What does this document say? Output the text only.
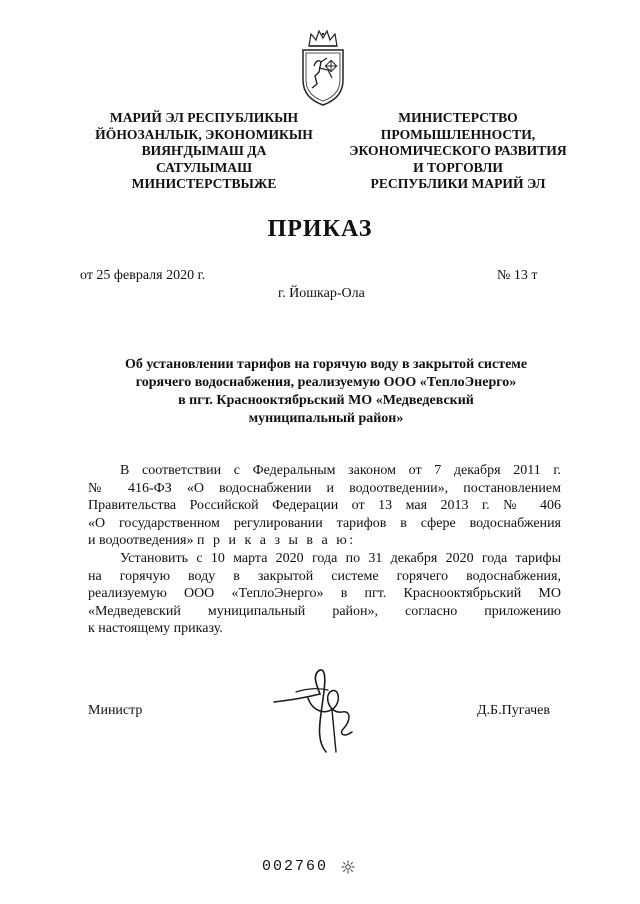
МАРИЙ ЭЛ РЕСПУБЛИКЫН
ЙӦНОЗАНЛЫК, ЭКОНОМИКЫН
ВИЯҤДЫМАШ ДА
САТУЛЫМАШ
МИНИСТЕРСТВЫЖЕ
МИНИСТЕРСТВО
ПРОМЫШЛЕННОСТИ,
ЭКОНОМИЧЕСКОГО РАЗВИТИЯ
И ТОРГОВЛИ
РЕСПУБЛИКИ МАРИЙ ЭЛ
ПРИКАЗ
от 25 февраля 2020 г.	№ 13 т
г. Йошкар-Ола
Об установлении тарифов на горячую воду в закрытой системе
горячего водоснабжения, реализуемую ООО «ТеплоЭнерго»
в пгт. Краснооктябрьский МО «Медведевский
муниципальный район»
В соответствии с Федеральным законом от 7 декабря 2011 г.
№ 416-ФЗ «О водоснабжении и водоотведении», постановлением
Правительства Российской Федерации от 13 мая 2013 г. № 406
«О государственном регулировании тарифов в сфере водоснабжения
и водоотведения» п р и к а з ы в а ю:
Установить с 10 марта 2020 года по 31 декабря 2020 года тарифы
на горячую воду в закрытой системе горячего водоснабжения,
реализуемую ООО «ТеплоЭнерго» в пгт. Краснооктябрьский МО
«Медведевский муниципальный район», согласно приложению
к настоящему приказу.
Министр	Д.Б.Пугачев
002760
